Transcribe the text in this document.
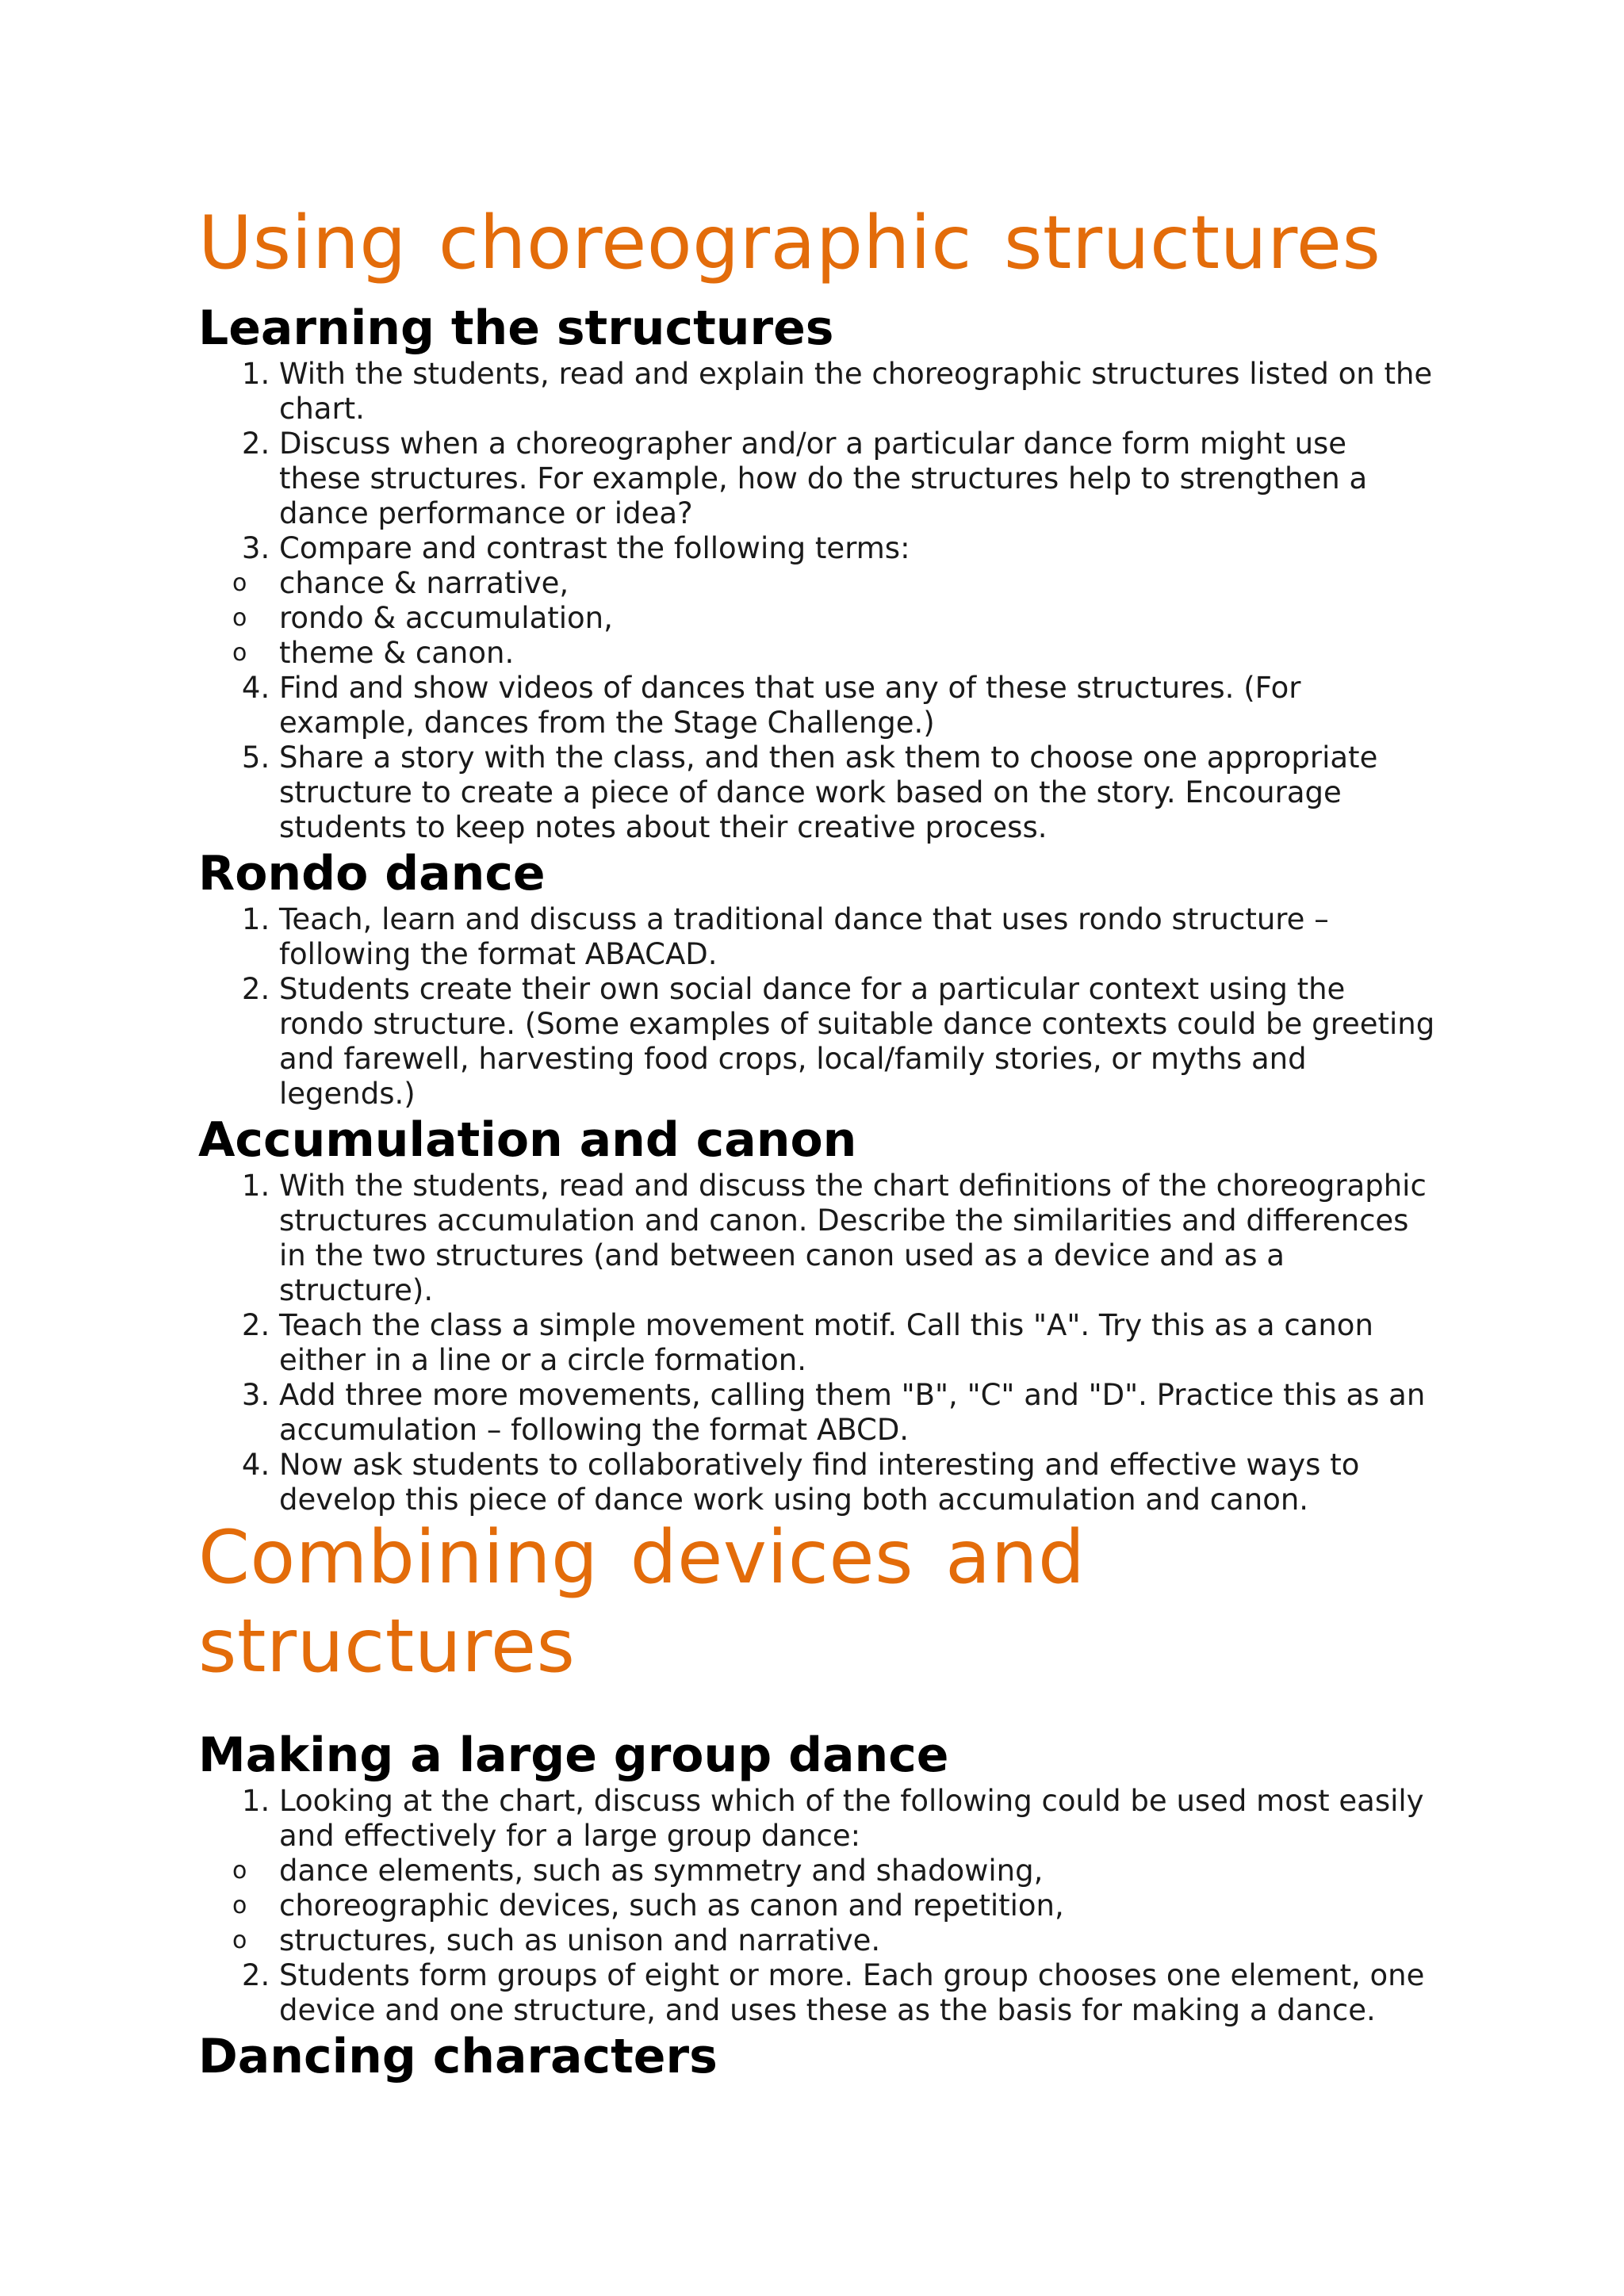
Using choreographic structures
Learning the structures
1. With the students, read and explain the choreographic structures listed on the chart.
2. Discuss when a choreographer and/or a particular dance form might use these structures. For example, how do the structures help to strengthen a dance performance or idea?
3. Compare and contrast the following terms:
o	chance & narrative,
o	rondo & accumulation,
o	theme & canon.
4. Find and show videos of dances that use any of these structures. (For example, dances from the Stage Challenge.)
5. Share a story with the class, and then ask them to choose one appropriate structure to create a piece of dance work based on the story. Encourage students to keep notes about their creative process.
Rondo dance
1. Teach, learn and discuss a traditional dance that uses rondo structure – following the format ABACAD.
2. Students create their own social dance for a particular context using the rondo structure. (Some examples of suitable dance contexts could be greeting and farewell, harvesting food crops, local/family stories, or myths and legends.)
Accumulation and canon
1. With the students, read and discuss the chart definitions of the choreographic structures accumulation and canon. Describe the similarities and differences in the two structures (and between canon used as a device and as a structure).
2. Teach the class a simple movement motif. Call this "A". Try this as a canon either in a line or a circle formation.
3. Add three more movements, calling them "B", "C" and "D". Practice this as an accumulation – following the format ABCD.
4. Now ask students to collaboratively find interesting and effective ways to develop this piece of dance work using both accumulation and canon.
Combining devices and
structures
Making a large group dance
1. Looking at the chart, discuss which of the following could be used most easily and effectively for a large group dance:
o	dance elements, such as symmetry and shadowing,
o	choreographic devices, such as canon and repetition,
o	structures, such as unison and narrative.
2. Students form groups of eight or more. Each group chooses one element, one device and one structure, and uses these as the basis for making a dance.
Dancing characters
